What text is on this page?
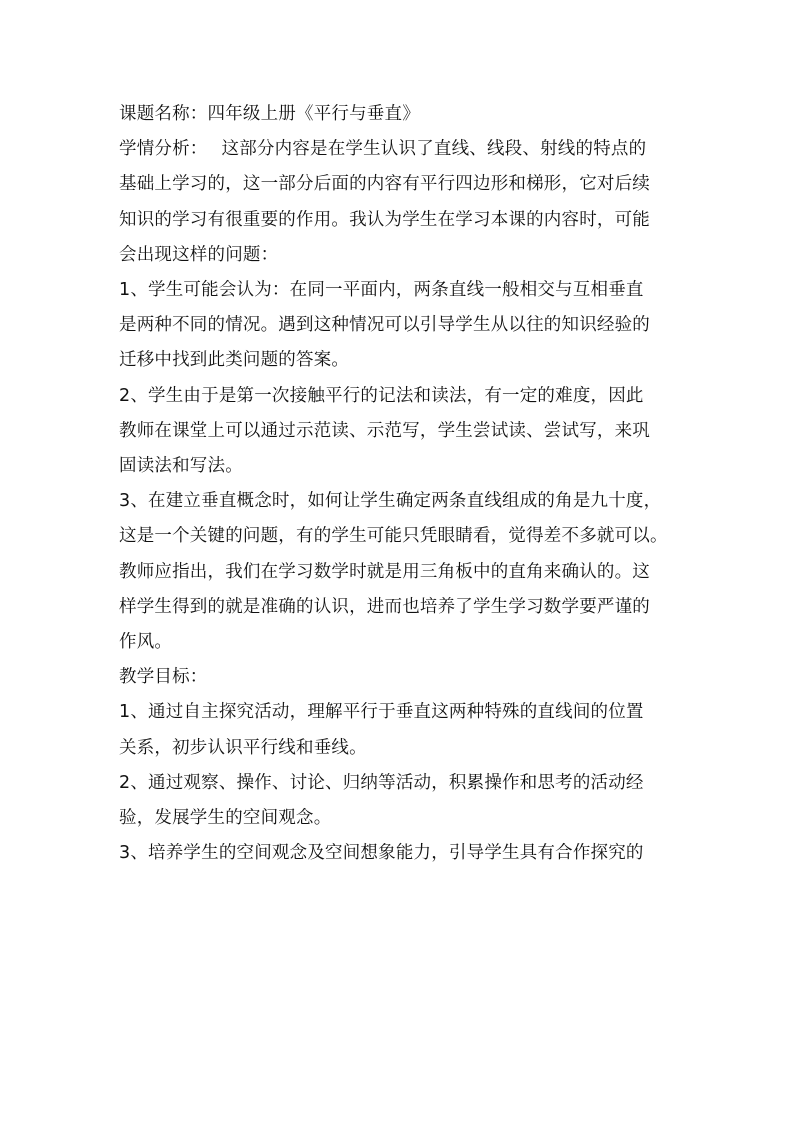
课题名称：四年级上册《平行与垂直》

学情分析： 这部分内容是在学生认识了直线、线段、射线的特点的
基础上学习的，这一部分后面的内容有平行四边形和梯形，它对后续
知识的学习有很重要的作用。我认为学生在学习本课的内容时，可能
会出现这样的问题：

1、学生可能会认为：在同一平面内，两条直线一般相交与互相垂直
是两种不同的情况。遇到这种情况可以引导学生从以往的知识经验的
迁移中找到此类问题的答案。

2、学生由于是第一次接触平行的记法和读法，有一定的难度，因此
教师在课堂上可以通过示范读、示范写，学生尝试读、尝试写，来巩
固读法和写法。

3、在建立垂直概念时，如何让学生确定两条直线组成的角是九十度，
这是一个关键的问题，有的学生可能只凭眼睛看，觉得差不多就可以。
教师应指出，我们在学习数学时就是用三角板中的直角来确认的。这
样学生得到的就是准确的认识，进而也培养了学生学习数学要严谨的
作风。

教学目标：

1、通过自主探究活动，理解平行于垂直这两种特殊的直线间的位置
关系，初步认识平行线和垂线。

2、通过观察、操作、讨论、归纳等活动，积累操作和思考的活动经
验，发展学生的空间观念。

3、培养学生的空间观念及空间想象能力，引导学生具有合作探究的
